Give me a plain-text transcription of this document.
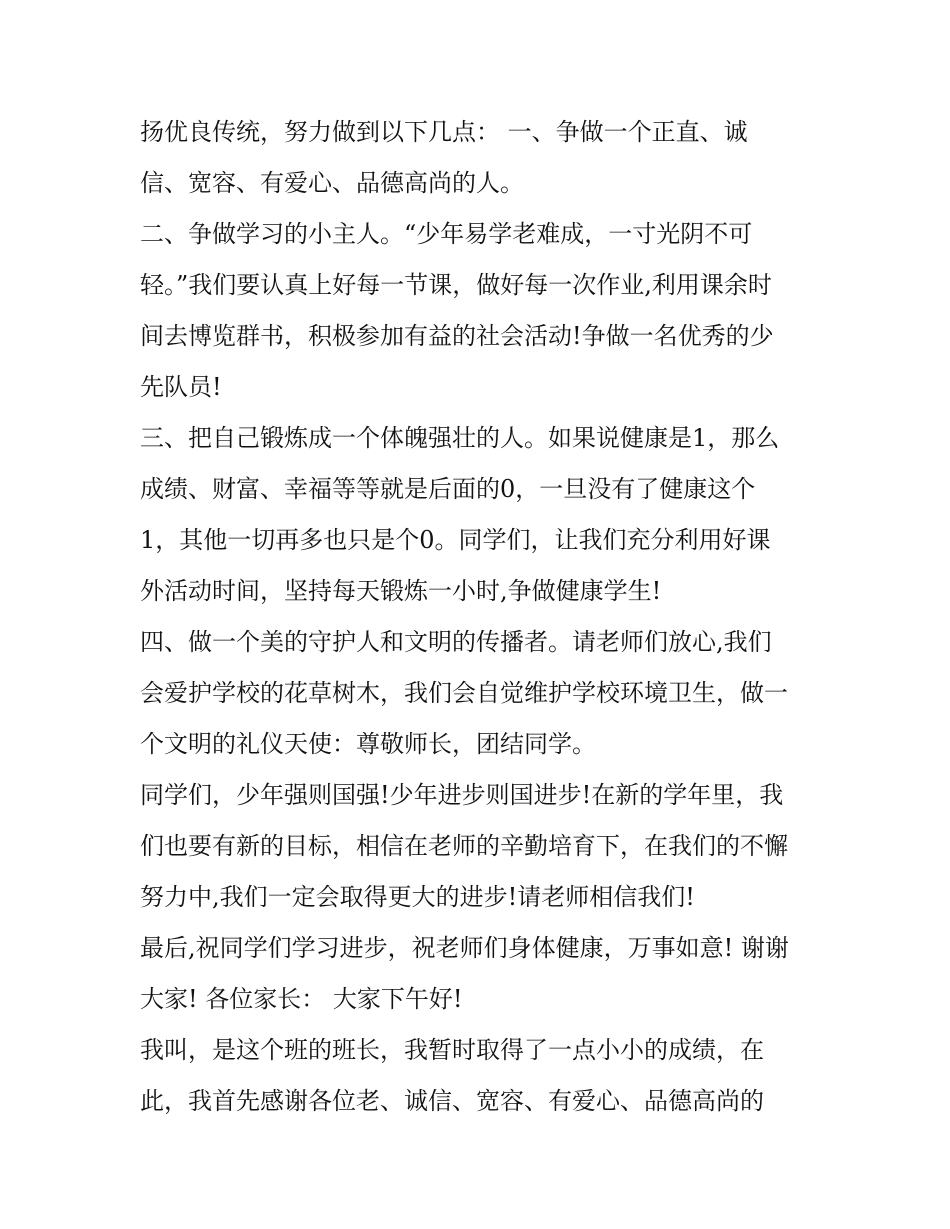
扬优良传统，努力做到以下几点： 一、争做一个正直、诚
信、宽容、有爱心、品德高尚的人。
二、争做学习的小主人。“少年易学老难成，一寸光阴不可
轻。”我们要认真上好每一节课，做好每一次作业,利用课余时
间去博览群书，积极参加有益的社会活动!争做一名优秀的少
先队员!
三、把自己锻炼成一个体魄强壮的人。如果说健康是1，那么
成绩、财富、幸福等等就是后面的0，一旦没有了健康这个
1，其他一切再多也只是个0。同学们，让我们充分利用好课
外活动时间，坚持每天锻炼一小时,争做健康学生!
四、做一个美的守护人和文明的传播者。请老师们放心,我们
会爱护学校的花草树木，我们会自觉维护学校环境卫生，做一
个文明的礼仪天使：尊敬师长，团结同学。
同学们，少年强则国强!少年进步则国进步!在新的学年里，我
们也要有新的目标，相信在老师的辛勤培育下，在我们的不懈
努力中,我们一定会取得更大的进步!请老师相信我们!
最后,祝同学们学习进步，祝老师们身体健康，万事如意! 谢谢
大家! 各位家长： 大家下午好!
我叫，是这个班的班长，我暂时取得了一点小小的成绩，在
此，我首先感谢各位老、诚信、宽容、有爱心、品德高尚的
